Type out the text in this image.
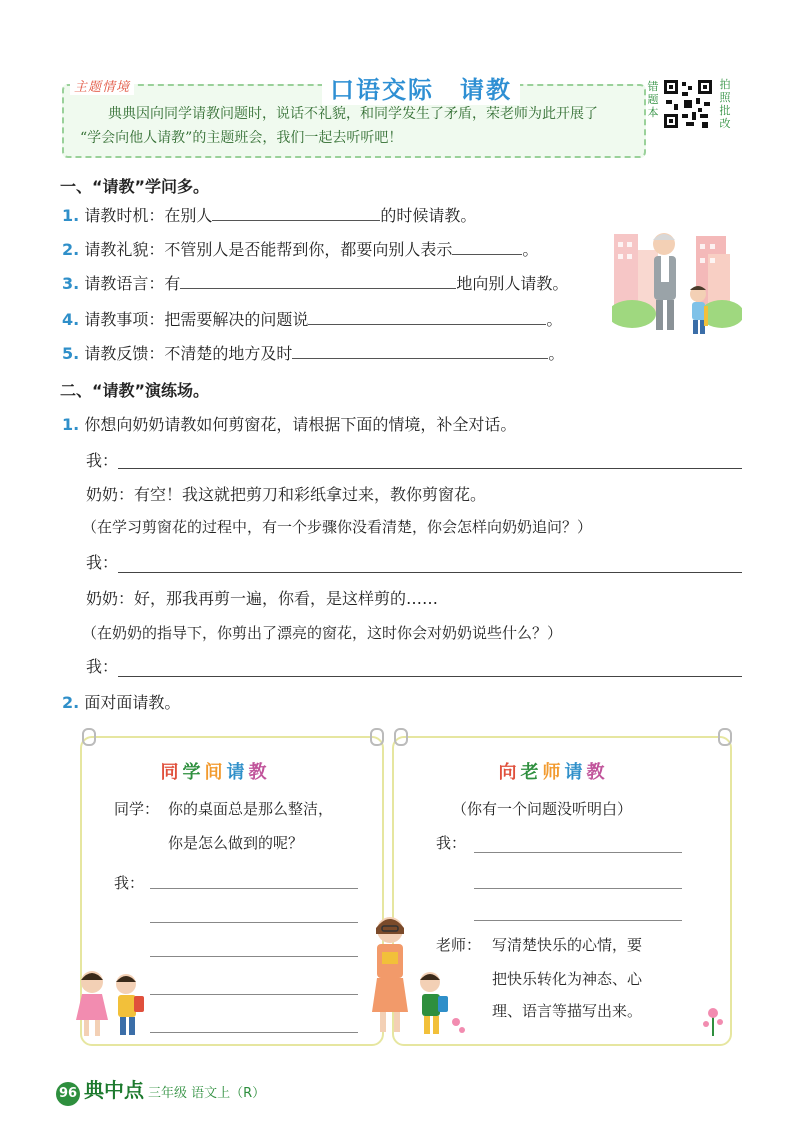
主题情境	口语交际　请教
　　典典因向同学请教问题时，说话不礼貌，和同学发生了矛盾，荣老师为此开展了
“学会向他人请教”的主题班会，我们一起去听听吧！
错题本
拍照批改
一、“请教”学问多。
1. 请教时机：在别人	的时候请教。
2. 请教礼貌：不管别人是否能帮到你，都要向别人表示	。
3. 请教语言：有	地向别人请教。
4. 请教事项：把需要解决的问题说	。
5. 请教反馈：不清楚的地方及时	。
二、“请教”演练场。
1. 你想向奶奶请教如何剪窗花，请根据下面的情境，补全对话。
我：
奶奶：有空！我这就把剪刀和彩纸拿过来，教你剪窗花。
（在学习剪窗花的过程中，有一个步骤你没看清楚，你会怎样向奶奶追问？）
我：
奶奶：好，那我再剪一遍，你看，是这样剪的……
（在奶奶的指导下，你剪出了漂亮的窗花，这时你会对奶奶说些什么？）
我：
2. 面对面请教。
同学间请教
同学： 你的桌面总是那么整洁，
你是怎么做到的呢？
我：
向老师请教
（你有一个问题没听明白）
我：
老师： 写清楚快乐的心情，要
把快乐转化为神态、心
理、语言等描写出来。
96 典中点 三年级 语文上（R）
